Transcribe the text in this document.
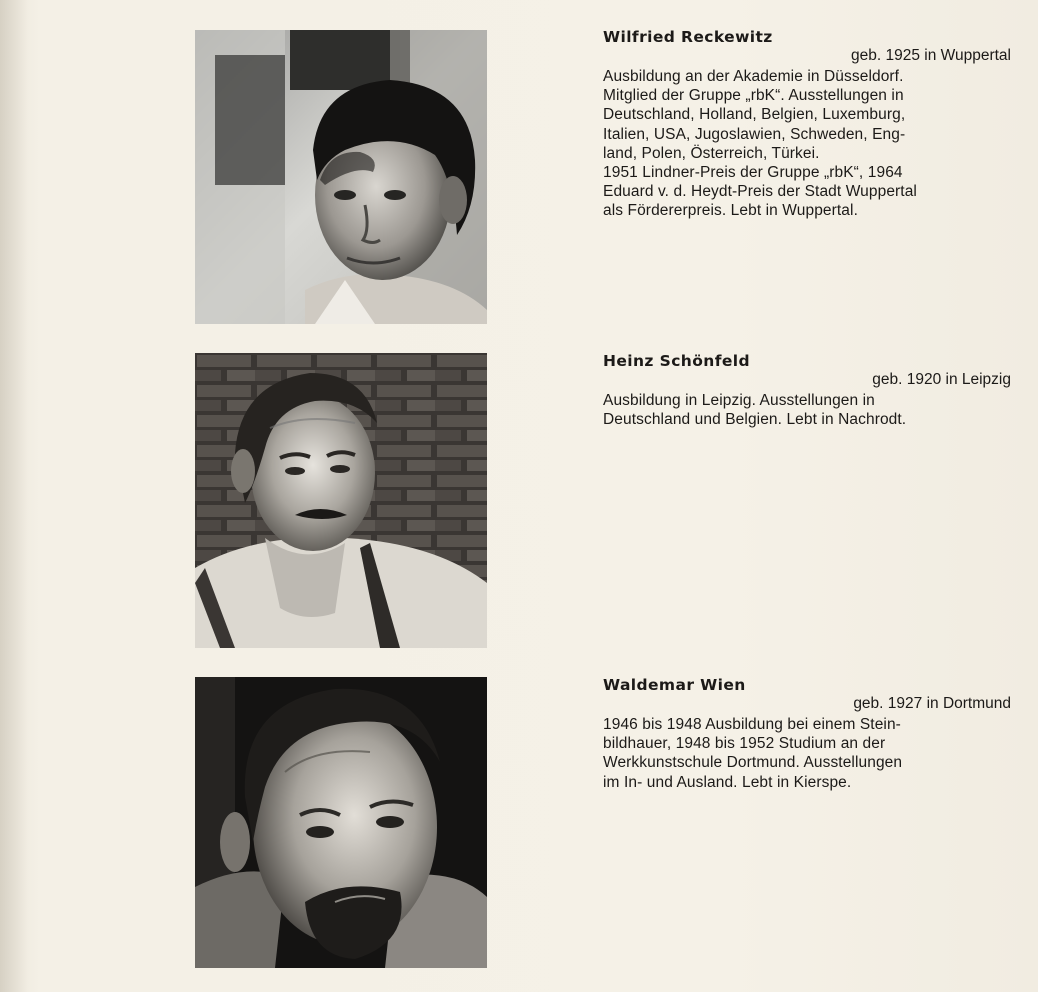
Wilfried Reckewitz

geb. 1925 in Wuppertal

Ausbildung an der Akademie in Düsseldorf.
Mitglied der Gruppe „rbK“. Ausstellungen in
Deutschland, Holland, Belgien, Luxemburg,
Italien, USA, Jugoslawien, Schweden, Eng-
land, Polen, Österreich, Türkei.
1951 Lindner-Preis der Gruppe „rbK“, 1964
Eduard v. d. Heydt-Preis der Stadt Wuppertal
als Fördererpreis. Lebt in Wuppertal.

Heinz Schönfeld

geb. 1920 in Leipzig

Ausbildung in Leipzig. Ausstellungen in
Deutschland und Belgien. Lebt in Nachrodt.

Waldemar Wien

geb. 1927 in Dortmund

1946 bis 1948 Ausbildung bei einem Stein-
bildhauer, 1948 bis 1952 Studium an der
Werkkunstschule Dortmund. Ausstellungen
im In- und Ausland. Lebt in Kierspe.
